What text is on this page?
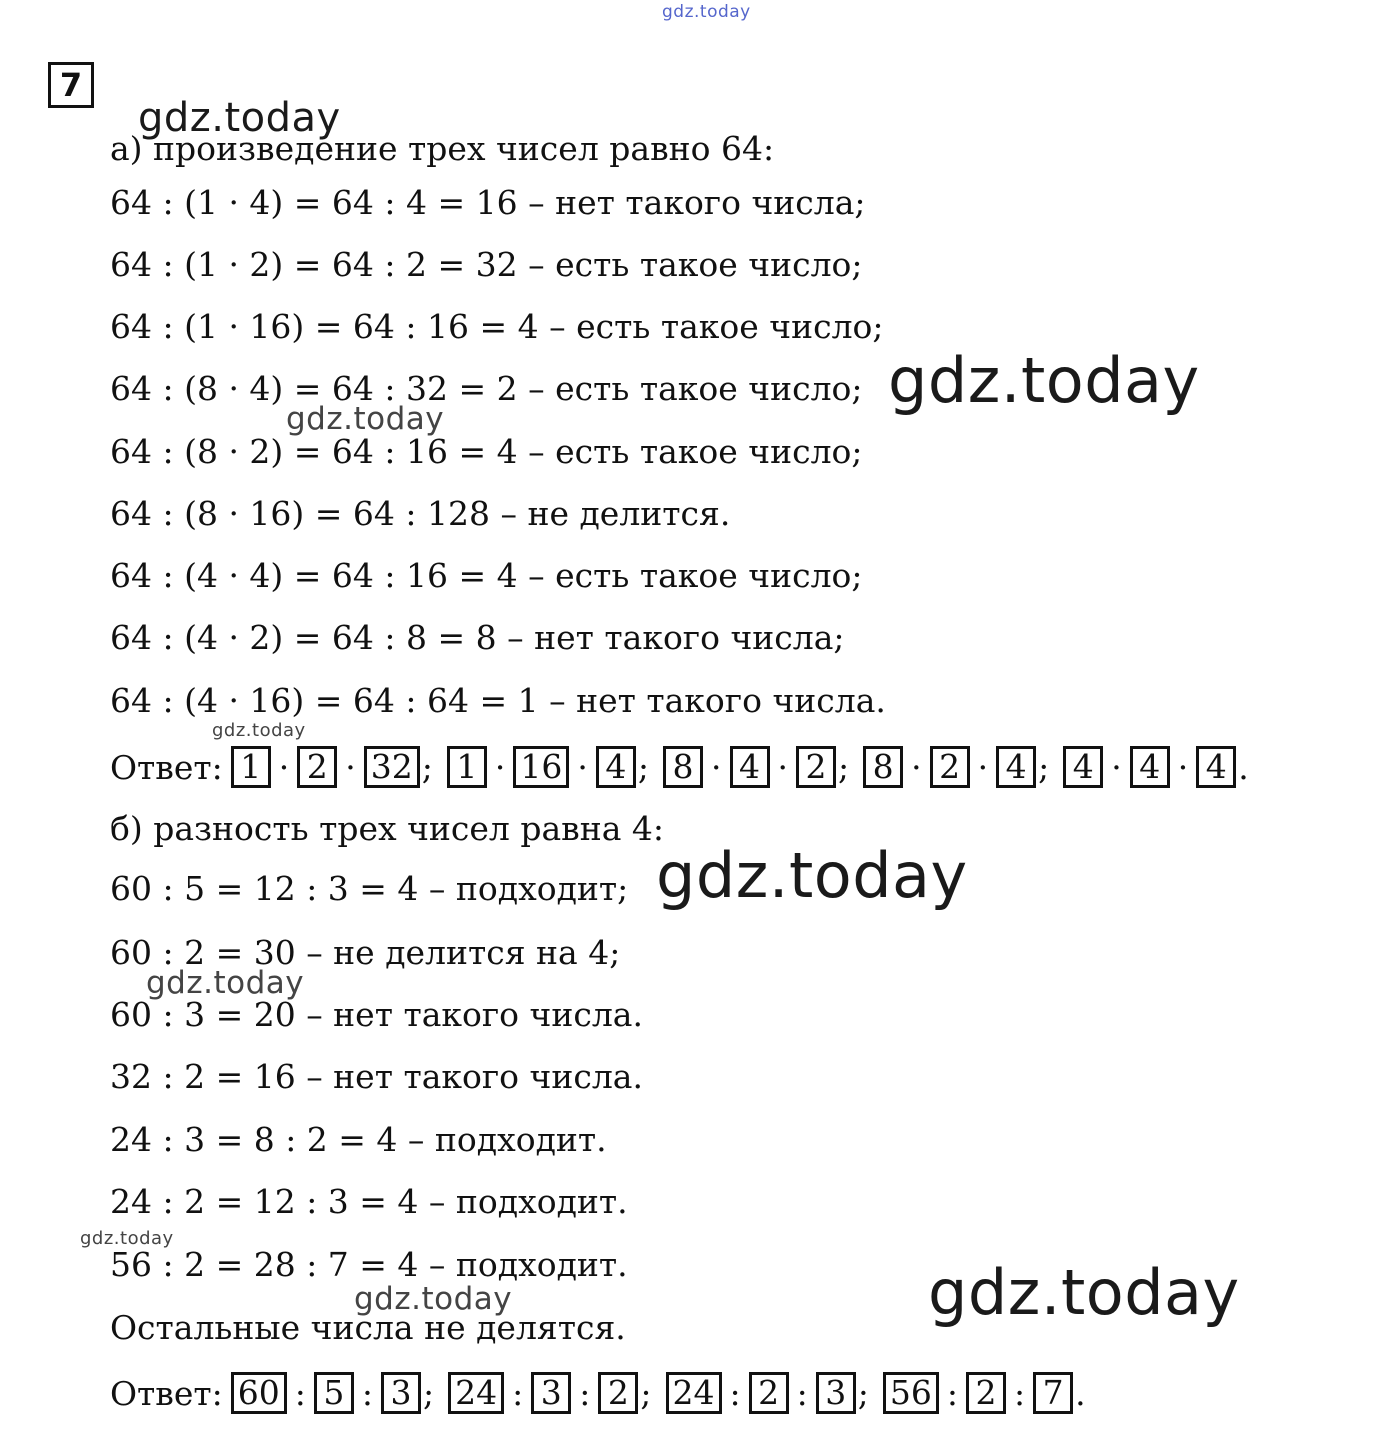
gdz.today
gdz.today
gdz.today
gdz.today
gdz.today
gdz.today
gdz.today
gdz.today
gdz.today	gdz.today
7
а) произведение трех чисел равно 64:
64 : (1 · 4) = 64 : 4 = 16 – нет такого числа;
64 : (1 · 2) = 64 : 2 = 32 – есть такое число;
64 : (1 · 16) = 64 : 16 = 4 – есть такое число;
64 : (8 · 4) = 64 : 32 = 2 – есть такое число;
64 : (8 · 2) = 64 : 16 = 4 – есть такое число;
64 : (8 · 16) = 64 : 128 – не делится.
64 : (4 · 4) = 64 : 16 = 4 – есть такое число;
64 : (4 · 2) = 64 : 8 = 8 – нет такого числа;
64 : (4 · 16) = 64 : 64 = 1 – нет такого числа.
Ответ: 1 · 2 · 32 ; 1 · 16 · 4 ; 8 · 4 · 2 ; 8 · 2 · 4 ; 4 · 4 · 4 .
б) разность трех чисел равна 4:
60 : 5 = 12 : 3 = 4 – подходит;
60 : 2 = 30 – не делится на 4;
60 : 3 = 20 – нет такого числа.
32 : 2 = 16 – нет такого числа.
24 : 3 = 8 : 2 = 4 – подходит.
24 : 2 = 12 : 3 = 4 – подходит.
56 : 2 = 28 : 7 = 4 – подходит.
Остальные числа не делятся.
Ответ: 60 : 5 : 3 ; 24 : 3 : 2 ; 24 : 2 : 3 ; 56 : 2 : 7 .
